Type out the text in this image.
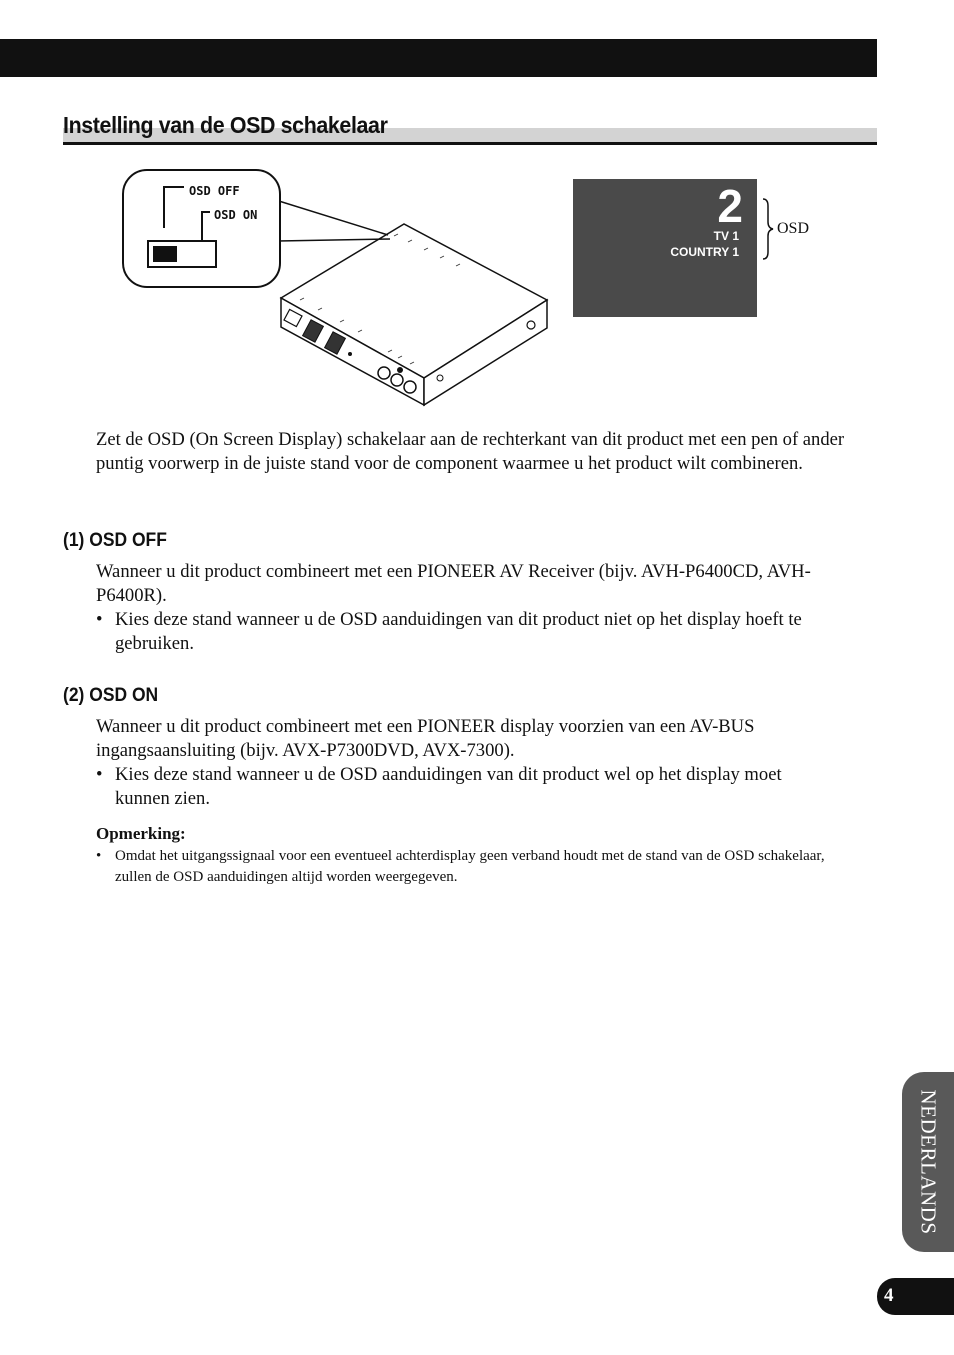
Instelling van de OSD schakelaar
OSD OFF
OSD ON	2
TV 1
COUNTRY 1
OSD

Zet de OSD (On Screen Display) schakelaar aan de rechterkant van dit product met een pen of ander puntig voorwerp in de juiste stand voor de component waarmee u het product wilt combineren.

(1) OSD OFF

Wanneer u dit product combineert met een PIONEER AV Receiver (bijv. AVH-P6400CD, AVH-P6400R).

• Kies deze stand wanneer u de OSD aanduidingen van dit product niet op het display hoeft te gebruiken.
(2) OSD ON

Wanneer u dit product combineert met een PIONEER display voorzien van een AV-BUS ingangsaansluiting (bijv. AVX-P7300DVD, AVX-7300).

• Kies deze stand wanneer u de OSD aanduidingen van dit product wel op het display moet kunnen zien.
Opmerking:
• Omdat het uitgangssignaal voor een eventueel achterdisplay geen verband houdt met de stand van de OSD schakelaar, zullen de OSD aanduidingen altijd worden weergegeven.
NEDERLANDS
4
